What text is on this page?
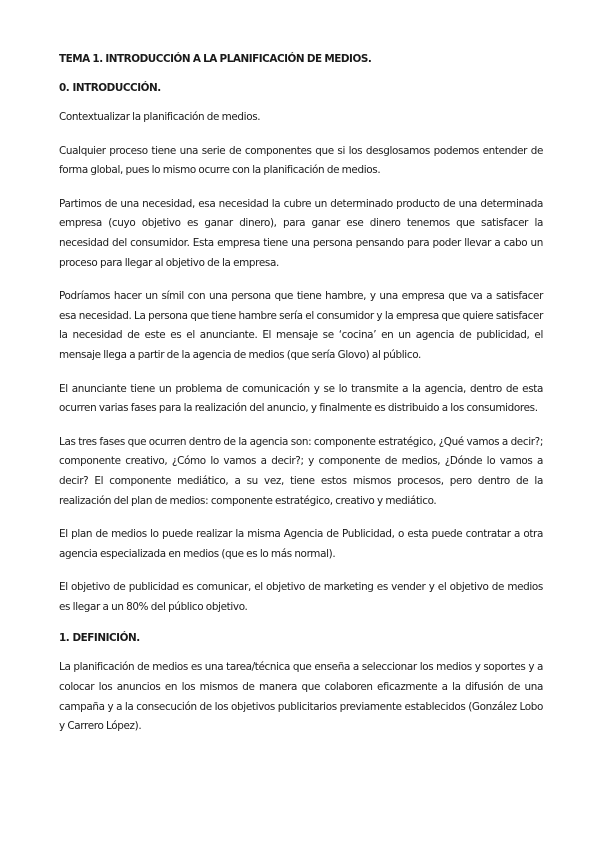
TEMA 1. INTRODUCCIÓN A LA PLANIFICACIÓN DE MEDIOS.
0. INTRODUCCIÓN.

Contextualizar la planificación de medios.

Cualquier proceso tiene una serie de componentes que si los desglosamos podemos entender de forma global, pues lo mismo ocurre con la planificación de medios.

Partimos de una necesidad, esa necesidad la cubre un determinado producto de una determinada empresa (cuyo objetivo es ganar dinero), para ganar ese dinero tenemos que satisfacer la necesidad del consumidor. Esta empresa tiene una persona pensando para poder llevar a cabo un proceso para llegar al objetivo de la empresa.

Podríamos hacer un símil con una persona que tiene hambre, y una empresa que va a satisfacer esa necesidad. La persona que tiene hambre sería el consumidor y la empresa que quiere satisfacer la necesidad de este es el anunciante. El mensaje se ‘cocina’ en un agencia de publicidad, el mensaje llega a partir de la agencia de medios (que sería Glovo) al público.

El anunciante tiene un problema de comunicación y se lo transmite a la agencia, dentro de esta ocurren varias fases para la realización del anuncio, y finalmente es distribuido a los consumidores.

Las tres fases que ocurren dentro de la agencia son: componente estratégico, ¿Qué vamos a decir?; componente creativo, ¿Cómo lo vamos a decir?; y componente de medios, ¿Dónde lo vamos a decir? El componente mediático, a su vez, tiene estos mismos procesos, pero dentro de la realización del plan de medios: componente estratégico, creativo y mediático.

El plan de medios lo puede realizar la misma Agencia de Publicidad, o esta puede contratar a otra agencia especializada en medios (que es lo más normal).

El objetivo de publicidad es comunicar, el objetivo de marketing es vender y el objetivo de medios es llegar a un 80% del público objetivo.

1. DEFINICIÓN.

La planificación de medios es una tarea/técnica que enseña a seleccionar los medios y soportes y a colocar los anuncios en los mismos de manera que colaboren eficazmente a la difusión de una campaña y a la consecución de los objetivos publicitarios previamente establecidos (González Lobo y Carrero López).
